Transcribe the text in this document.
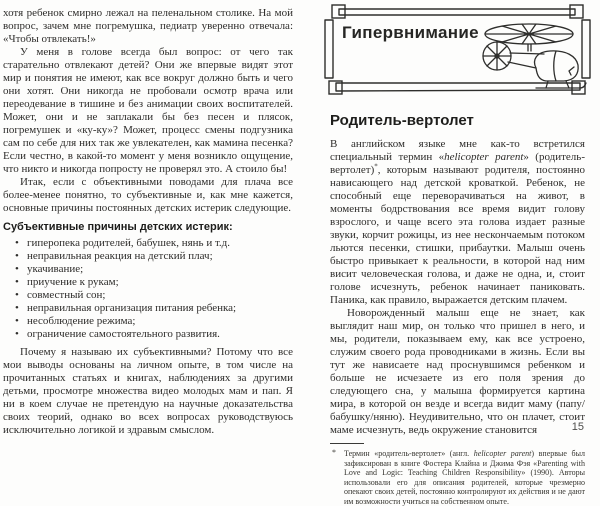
хотя ребенок смирно лежал на пеленальном столике. На мой вопрос, зачем мне погремушка, педиатр уверенно отвечала: «Чтобы отвлекать!»

У меня в голове всегда был вопрос: от чего так старательно отвлекают детей? Они же впервые видят этот мир и понятия не имеют, как все вокруг должно быть и чего они хотят. Они никогда не пробовали осмотр врача или переодевание в тишине и без анимации своих воспитателей. Может, они и не заплакали бы без песен и плясок, погремушек и «ку-ку»? Может, процесс смены подгузника сам по себе для них так же увлекателен, как мамина песенка? Если честно, в какой-то момент у меня возникло ощущение, что никто и никогда попросту не проверял это. А стоило бы!

Итак, если с объективными поводами для плача все более-менее понятно, то субъективные и, как мне кажется, основные причины постоянных детских истерик следующие.

Субъективные причины детских истерик:
• гиперопека родителей, бабушек, нянь и т.д.
• неправильная реакция на детский плач;
• укачивание;
• приучение к рукам;
• совместный сон;
• неправильная организация питания ребенка;
• несоблюдение режима;
• ограничение самостоятельного развития.

Почему я называю их субъективными? Потому что все мои выводы основаны на личном опыте, в том числе на прочитанных статьях и книгах, наблюдениях за другими детьми, просмотре множества видео молодых мам и пап. Я ни в коем случае не претендую на научные доказательства своих теорий, однако во всех вопросах руководствуюсь исключительно логикой и здравым смыслом.

Гипервнимание
Родитель-вертолет

В английском языке мне как-то встретился специальный термин «helicopter parent» (родитель-вертолет)*, которым называют родителя, постоянно нависающего над детской кроваткой. Ребенок, не способный еще переворачиваться на живот, в моменты бодрствования все время видит голову взрослого, и чаще всего эта голова издает разные звуки, корчит рожицы, из нее нескончаемым потоком льются песенки, стишки, прибаутки. Малыш очень быстро привыкает к реальности, в которой над ним висит человеческая голова, и даже не одна, и, стоит голове исчезнуть, ребенок начинает паниковать. Паника, как правило, выражается детским плачем.

Новорожденный малыш еще не знает, как выглядит наш мир, он только что пришел в него, и мы, родители, показываем ему, как все устроено, служим своего рода проводниками в жизнь. Если вы тут же нависаете над проснувшимся ребенком и больше не исчезаете из его поля зрения до следующего сна, у малыша формируется картина мира, в которой он везде и всегда видит маму (папу/бабушку/няню). Неудивительно, что он плачет, стоит маме исчезнуть, ведь окружение становится

* Термин «родитель-вертолет» (англ. helicopter parent) впервые был зафиксирован в книге Фостера Клайна и Джима Фэя «Parenting with Love and Logic: Teaching Children Responsibility» (1990). Авторы использовали его для описания родителей, которые чрезмерно опекают своих детей, постоянно контролируют их действия и не дают им возможности учиться на собственном опыте.
15
